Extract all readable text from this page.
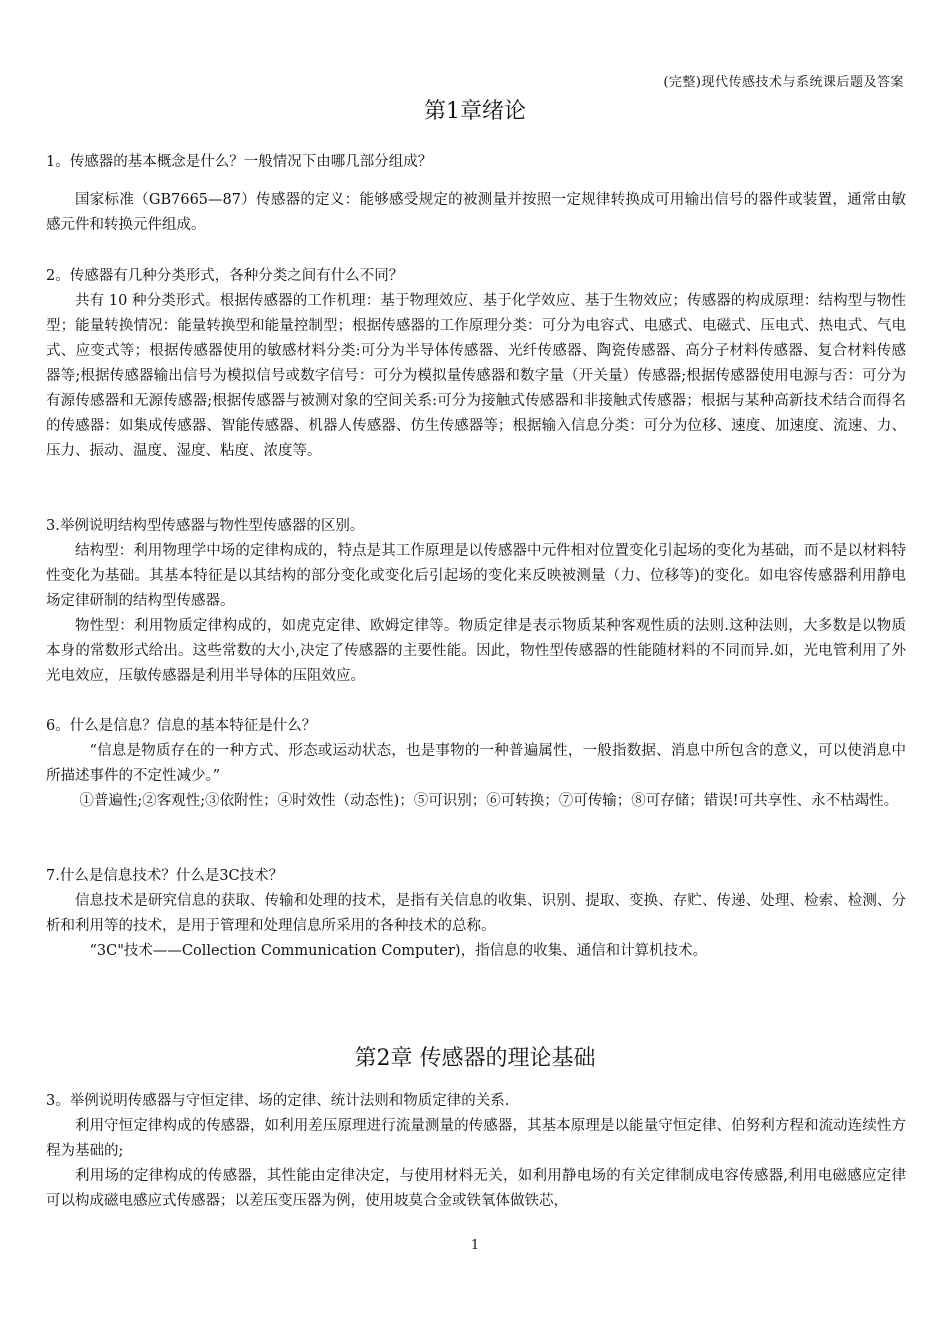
(完整)现代传感技术与系统课后题及答案
第1章绪论

1。传感器的基本概念是什么？一般情况下由哪几部分组成？

国家标准（GB7665—87）传感器的定义：能够感受规定的被测量并按照一定规律转换成可用输出信号的器件或装置，通常由敏感元件和转换元件组成。

2。传感器有几种分类形式，各种分类之间有什么不同？

共有 10 种分类形式。根据传感器的工作机理：基于物理效应、基于化学效应、基于生物效应；传感器的构成原理：结构型与物性型；能量转换情况：能量转换型和能量控制型；根据传感器的工作原理分类：可分为电容式、电感式、电磁式、压电式、热电式、气电式、应变式等；根据传感器使用的敏感材料分类:可分为半导体传感器、光纤传感器、陶瓷传感器、高分子材料传感器、复合材料传感器等;根据传感器输出信号为模拟信号或数字信号：可分为模拟量传感器和数字量（开关量）传感器;根据传感器使用电源与否：可分为有源传感器和无源传感器;根据传感器与被测对象的空间关系:可分为接触式传感器和非接触式传感器；根据与某种高新技术结合而得名的传感器：如集成传感器、智能传感器、机器人传感器、仿生传感器等；根据输入信息分类：可分为位移、速度、加速度、流速、力、压力、振动、温度、湿度、粘度、浓度等。

3.举例说明结构型传感器与物性型传感器的区别。

结构型：利用物理学中场的定律构成的，特点是其工作原理是以传感器中元件相对位置变化引起场的变化为基础，而不是以材料特性变化为基础。其基本特征是以其结构的部分变化或变化后引起场的变化来反映被测量（力、位移等)的变化。如电容传感器利用静电场定律研制的结构型传感器。

物性型：利用物质定律构成的，如虎克定律、欧姆定律等。物质定律是表示物质某种客观性质的法则.这种法则，大多数是以物质本身的常数形式给出。这些常数的大小,决定了传感器的主要性能。因此，物性型传感器的性能随材料的不同而异.如，光电管利用了外光电效应，压敏传感器是利用半导体的压阻效应。

6。什么是信息？信息的基本特征是什么？

“信息是物质存在的一种方式、形态或运动状态，也是事物的一种普遍属性，一般指数据、消息中所包含的意义，可以使消息中所描述事件的不定性减少。”

①普遍性;②客观性;③依附性；④时效性（动态性)；⑤可识别；⑥可转换；⑦可传输；⑧可存储；错误!可共享性、永不枯竭性。

7.什么是信息技术？什么是3C技术？

信息技术是研究信息的获取、传输和处理的技术，是指有关信息的收集、识别、提取、变换、存贮、传递、处理、检索、检测、分析和利用等的技术，是用于管理和处理信息所采用的各种技术的总称。

“3C"技术——Collection Communication Computer)，指信息的收集、通信和计算机技术。

第2章 传感器的理论基础

3。举例说明传感器与守恒定律、场的定律、统计法则和物质定律的关系.

利用守恒定律构成的传感器，如利用差压原理进行流量测量的传感器，其基本原理是以能量守恒定律、伯努利方程和流动连续性方程为基础的;

利用场的定律构成的传感器，其性能由定律决定，与使用材料无关，如利用静电场的有关定律制成电容传感器,利用电磁感应定律可以构成磁电感应式传感器；以差压变压器为例，使用坡莫合金或铁氧体做铁芯，

1
